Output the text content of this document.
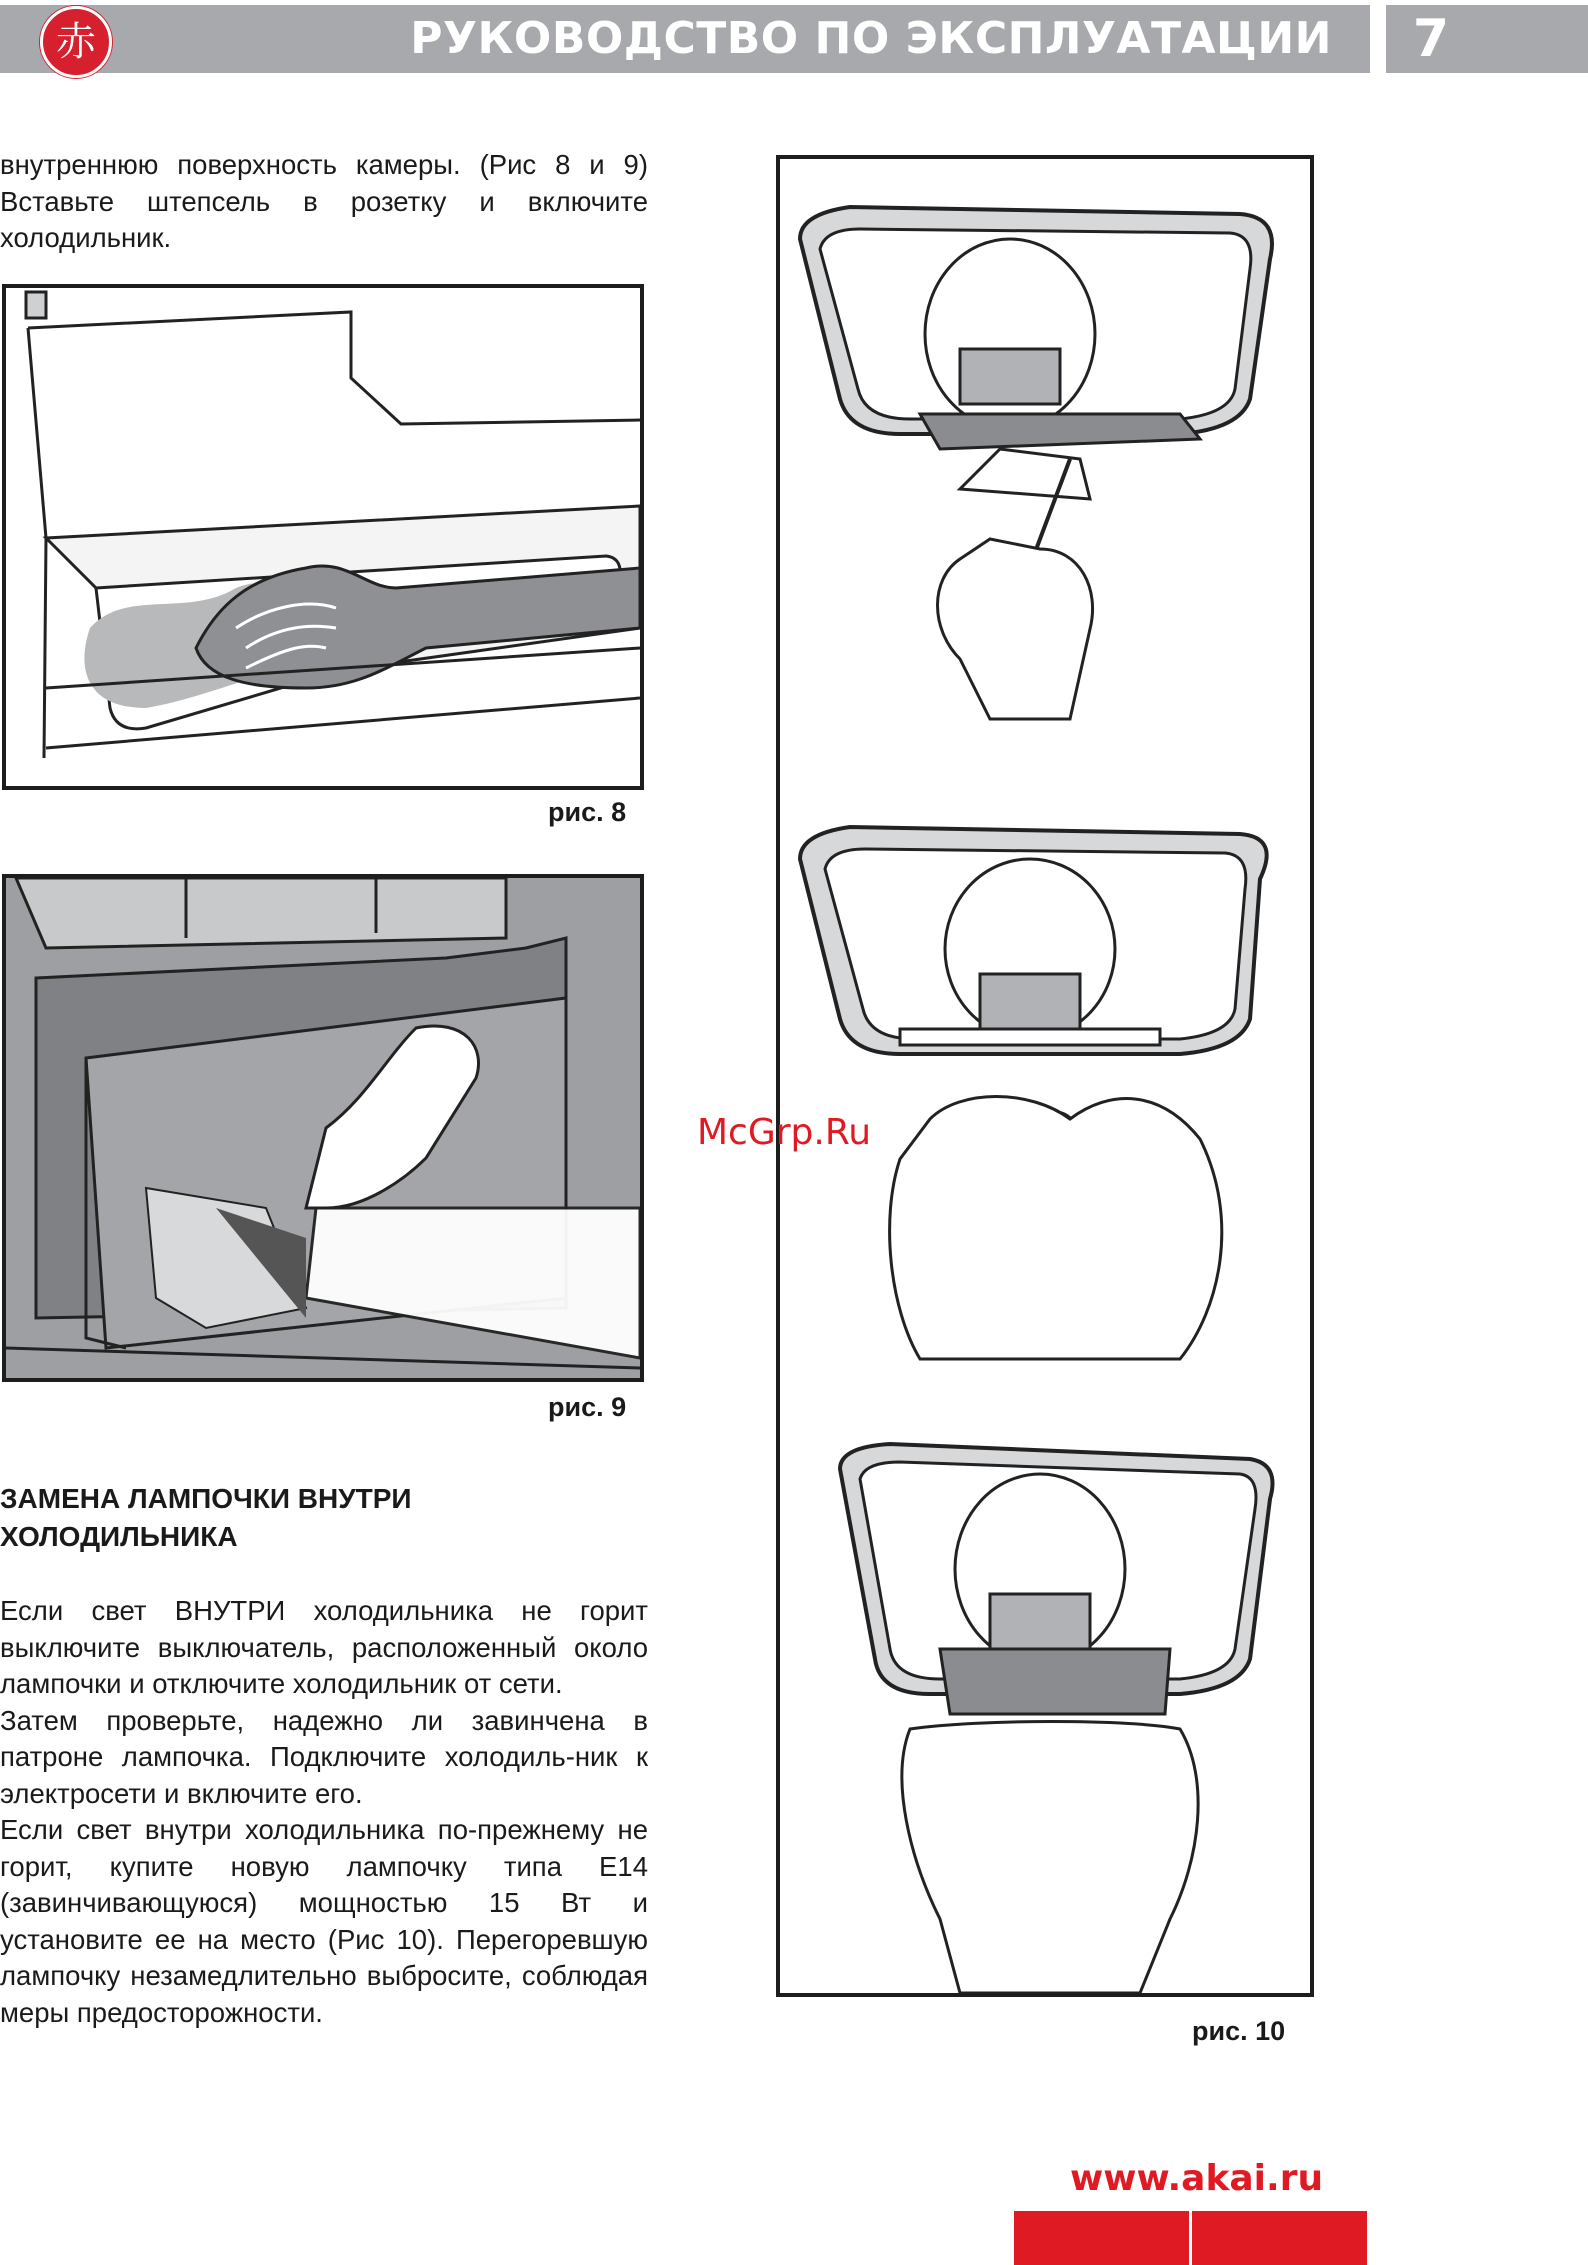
РУКОВОДСТВО ПО ЭКСПЛУАТАЦИИ	7
赤
внутреннюю поверхность камеры. (Рис 8 и 9) Вставьте штепсель в розетку и включите холодильник.
рис. 8
рис. 9
ЗАМЕНА ЛАМПОЧКИ ВНУТРИ
ХОЛОДИЛЬНИКА

Если свет ВНУТРИ холодильника не горит выключите выключатель, расположенный около лампочки и отключите холодильник от сети.

Затем проверьте, надежно ли завинчена в патроне лампочка. Подключите холодиль-ник к электросети и включите его.

Если свет внутри холодильника по-прежнему не горит, купите новую лампочку типа Е14 (завинчивающуюся) мощностью 15 Вт и установите ее на место (Рис 10). Перегоревшую лампочку незамедлительно выбросите, соблюдая меры предосторожности.

рис. 10
McGrp.Ru
www.akai.ru
